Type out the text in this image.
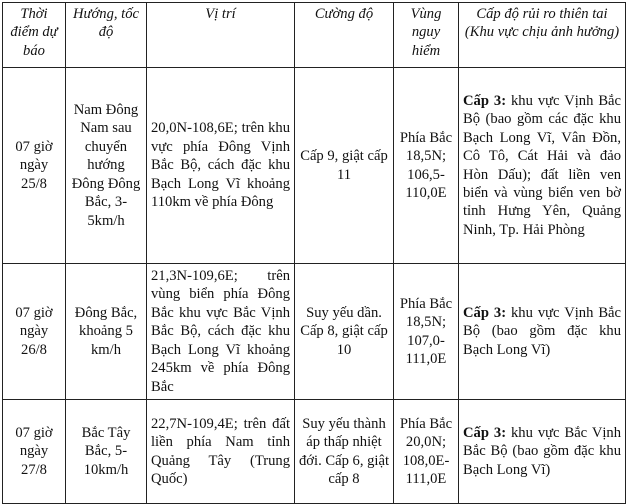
Thời điểm dự báo	Hướng, tốc độ	Vị trí	Cường độ	Vùng nguy hiểm	Cấp độ rủi ro thiên tai (Khu vực chịu ảnh hưởng)
07 giờ ngày 25/8	Nam Đông Nam sau chuyển hướng Đông Đông Bắc, 3-5km/h	20,0N-108,6E; trên khu vực phía Đông Vịnh Bắc Bộ, cách đặc khu Bạch Long Vĩ khoảng 110km về phía Đông	Cấp 9, giật cấp 11	Phía Bắc 18,5N; 106,5-110,0E	Cấp 3: khu vực Vịnh Bắc Bộ (bao gồm các đặc khu Bạch Long Vĩ, Vân Đồn, Cô Tô, Cát Hải và đảo Hòn Dấu); đất liền ven biển và vùng biển ven bờ tỉnh Hưng Yên, Quảng Ninh, Tp. Hải Phòng
07 giờ ngày 26/8	Đông Bắc, khoảng 5 km/h	21,3N-109,6E; trên vùng biển phía Đông Bắc khu vực Bắc Vịnh Bắc Bộ, cách đặc khu Bạch Long Vĩ khoảng 245km về phía Đông Bắc	Suy yếu dần. Cấp 8, giật cấp 10	Phía Bắc 18,5N; 107,0-111,0E	Cấp 3: khu vực Vịnh Bắc Bộ (bao gồm đặc khu Bạch Long Vĩ)
07 giờ ngày 27/8	Bắc Tây Bắc, 5-10km/h	22,7N-109,4E; trên đất liền phía Nam tỉnh Quảng Tây (Trung Quốc)	Suy yếu thành áp thấp nhiệt đới. Cấp 6, giật cấp 8	Phía Bắc 20,0N; 108,0E-111,0E	Cấp 3: khu vực Bắc Vịnh Bắc Bộ (bao gồm đặc khu Bạch Long Vĩ)
